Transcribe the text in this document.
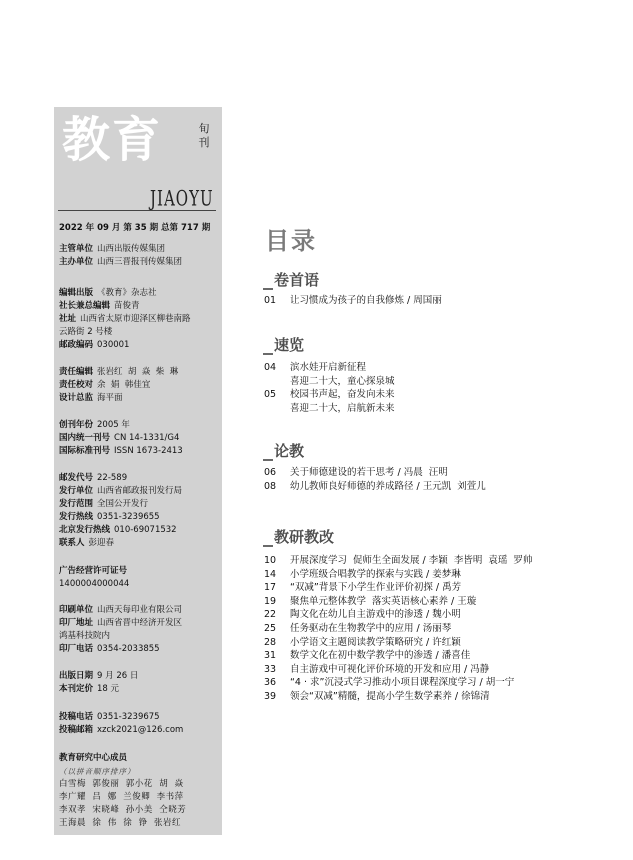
教育	旬刊
JIAOYU
2022 年 09 月 第 35 期 总第 717 期
主管单位 山西出版传媒集团
主办单位 山西三晋报刊传媒集团
编辑出版 《教育》杂志社
社长兼总编辑 苗俊青
社址 山西省太原市迎泽区柳巷南路
云路街 2 号楼
邮政编码 030001
责任编辑 张岩红  胡  焱  柴  琳
责任校对 余  娟  韩佳宜
设计总监 海平面
创刊年份 2005 年
国内统一刊号 CN 14-1331/G4
国际标准刊号 ISSN 1673-2413
邮发代号 22-589
发行单位 山西省邮政报刊发行局
发行范围 全国公开发行
发行热线 0351-3239655
北京发行热线 010-69071532
联系人 彭迎春
广告经营许可证号
1400004000044
印刷单位 山西天每印业有限公司
印厂地址 山西省晋中经济开发区
鸿基科技院内
印厂电话 0354-2033855
出版日期 9 月 26 日
本刊定价 18 元
投稿电话 0351-3239675
投稿邮箱 xzck2021@126.com
教育研究中心成员
（以拼音顺序排序）
白雪梅  郭俊丽  郭小花  胡  焱
李广耀  吕  娜  兰俊卿  李书萍
李双孝  宋晓峰  孙小美  仝晓芳
王海晨  徐  伟  徐  铮  张岩红
目录
卷首语
01 让习惯成为孩子的自我修炼 / 周国丽
速览
04 滨水娃开启新征程
喜迎二十大，童心探泉城
05 校园书声起，奋发向未来
喜迎二十大，启航新未来
论教
06 关于师德建设的若干思考 / 冯晨  汪明
08 幼儿教师良好师德的养成路径 / 王元凯  刘萱儿
教研教改
10 开展深度学习  促师生全面发展 / 李颖  李皆明  袁瑶  罗帅
14 小学班级合唱教学的探索与实践 / 姜梦琳
17 “双减”背景下小学生作业评价初探 / 禹芳
19 聚焦单元整体教学  落实英语核心素养 / 王璇
22 陶文化在幼儿自主游戏中的渗透 / 魏小明
25 任务驱动在生物教学中的应用 / 汤丽琴
28 小学语文主题阅读教学策略研究 / 许红颖
31 数学文化在初中数学教学中的渗透 / 潘喜佳
33 自主游戏中可视化评价环境的开发和应用 / 冯静
36 “4 · 求”沉浸式学习推动小项目课程深度学习 / 胡一宁
39 领会“双减”精髓，提高小学生数学素养 / 徐锦清
